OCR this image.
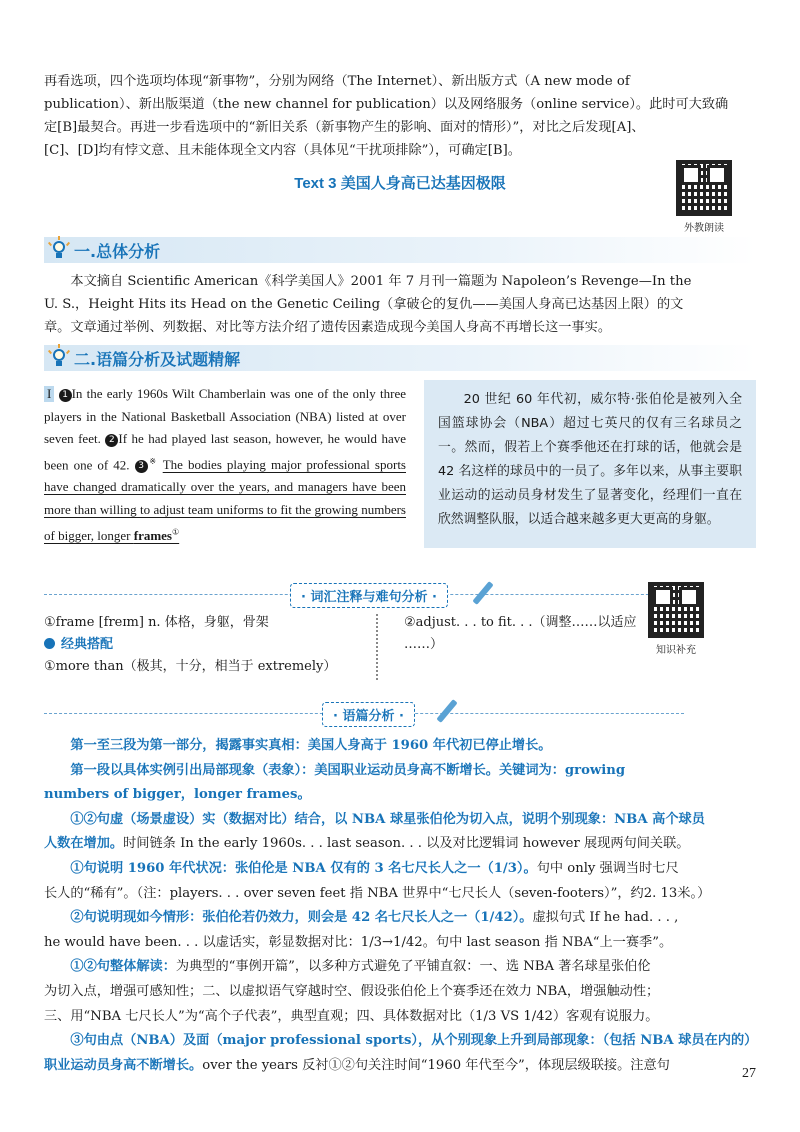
再看选项，四个选项均体现“新事物”，分别为网络（The Internet）、新出版方式（A new mode of
publication）、新出版渠道（the new channel for publication）以及网络服务（online service）。此时可大致确
定[B]最契合。再进一步看选项中的“新旧关系（新事物产生的影响、面对的情形）”，对比之后发现[A]、
[C]、[D]均有悖文意、且未能体现全文内容（具体见“干扰项排除”），可确定[B]。
Text 3 美国人身高已达基因极限
外教朗读
一.总体分析
本文摘自 Scientific American《科学美国人》2001 年 7 月刊一篇题为 Napoleon’s Revenge—In the
U. S.，Height Hits its Head on the Genetic Ceiling（拿破仑的复仇——美国人身高已达基因上限）的文
章。文章通过举例、列数据、对比等方法介绍了遗传因素造成现今美国人身高不再增长这一事实。
二.语篇分析及试题精解
I 1 In the early 1960s Wilt Chamberlain was one of the only three players in the National Basketball Association (NBA) listed at over seven feet. 2 If he had played last season, however, he would have been one of 42. 3 ※ The bodies playing major professional sports have changed dramatically over the years, and managers have been more than willing to adjust team uniforms to fit the growing numbers of bigger, longer frames①
20 世纪 60 年代初，威尔特·张伯伦是被列入全国篮球协会（NBA）超过七英尺的仅有三名球员之一。然而，假若上个赛季他还在打球的话，他就会是 42 名这样的球员中的一员了。多年以来，从事主要职业运动的运动员身材发生了显著变化，经理们一直在欣然调整队服，以适合越来越多更大更高的身躯。
· 词汇注释与难句分析 ·
①frame [freɪm] n. 体格，身躯，骨架
经典搭配
①more than（极其，十分，相当于 extremely）
②adjust. . . to fit. . .（调整……以适应
……）	知识补充
· 语篇分析 ·
第一至三段为第一部分，揭露事实真相：美国人身高于 1960 年代初已停止增长。
第一段以具体实例引出局部现象（表象）：美国职业运动员身高不断增长。关键词为：growing
numbers of bigger，longer frames。
①②句虚（场景虚设）实（数据对比）结合，以 NBA 球星张伯伦为切入点，说明个别现象：NBA 高个球员
人数在增加。时间链条 In the early 1960s. . . last season. . . 以及对比逻辑词 however 展现两句间关联。
①句说明 1960 年代状况：张伯伦是 NBA 仅有的 3 名七尺长人之一（1/3）。句中 only 强调当时七尺
长人的“稀有”。（注：players. . . over seven feet 指 NBA 世界中“七尺长人（seven-footers）”，约2. 13米。）
②句说明现如今情形：张伯伦若仍效力，则会是 42 名七尺长人之一（1/42）。虚拟句式 If he had. . . ,
he would have been. . . 以虚话实，彰显数据对比：1/3→1/42。句中 last season 指 NBA“上一赛季”。
①②句整体解读：为典型的“事例开篇”，以多种方式避免了平铺直叙：一、选 NBA 著名球星张伯伦
为切入点，增强可感知性；二、以虚拟语气穿越时空、假设张伯伦上个赛季还在效力 NBA，增强触动性；
三、用“NBA 七尺长人”为“高个子代表”，典型直观；四、具体数据对比（1/3 VS 1/42）客观有说服力。
③句由点（NBA）及面（major professional sports），从个别现象上升到局部现象：（包括 NBA 球员在内的）
职业运动员身高不断增长。over the years 反衬①②句关注时间“1960 年代至今”，体现层级联接。注意句
27
